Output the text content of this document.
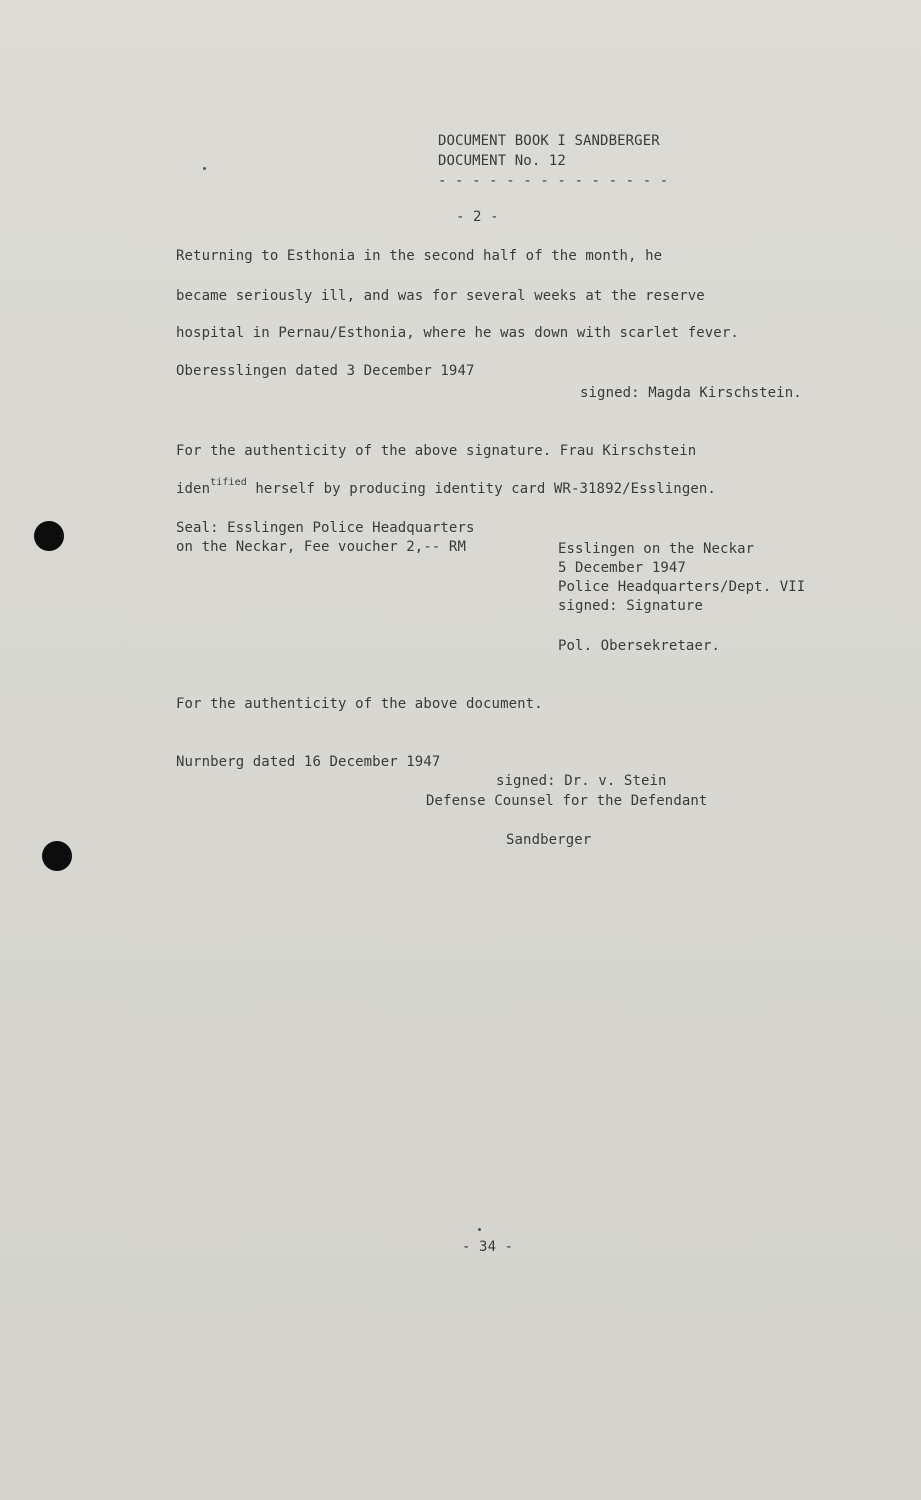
DOCUMENT BOOK I SANDBERGER
DOCUMENT No. 12
- - - - - - - - - - - - - -
- 2 -
Returning to Esthonia in the second half of the month, he
became seriously ill, and was for several weeks at the reserve
hospital in Pernau/Esthonia, where he was down with scarlet fever.
Oberesslingen dated 3 December 1947
signed: Magda Kirschstein.
For the authenticity of the above signature. Frau Kirschstein
iden$^{tified}$ herself by producing identity card WR-31892/Esslingen.
Seal: Esslingen Police Headquarters
on the Neckar, Fee voucher 2,-- RM	Esslingen on the Neckar
5 December 1947
Police Headquarters/Dept. VII
signed: Signature
Pol. Obersekretaer.
For the authenticity of the above document.
Nurnberg dated 16 December 1947
signed: Dr. v. Stein
Defense Counsel for the Defendant
Sandberger
- 34 -
